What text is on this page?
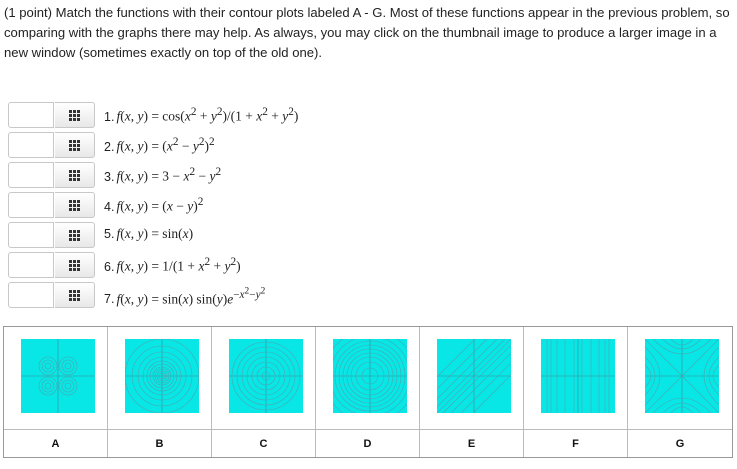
(1 point) Match the functions with their contour plots labeled A - G. Most of these functions appear in the previous problem, so comparing with the graphs there may help. As always, you may click on the thumbnail image to produce a larger image in a new window (sometimes exactly on top of the old one).
1. f(x, $y) = \cos(x^2 + y^2)/(1 + x^2 + y^2)$
2. f(x, $y) = (x^2 - y^2)^2$
3. f(x, $y) = 3 - x^2 - y^2$
4. f(x, $y) = (x - y)^2$
5. f(x, y) = sin(x)
6. f(x, $y) = 1/(1 + x^2 + y^2)$
7. f(x, y) = sin(x) $\sin(y)e^{-x^2-y^2}$
A	B	C	D	E	F	G
